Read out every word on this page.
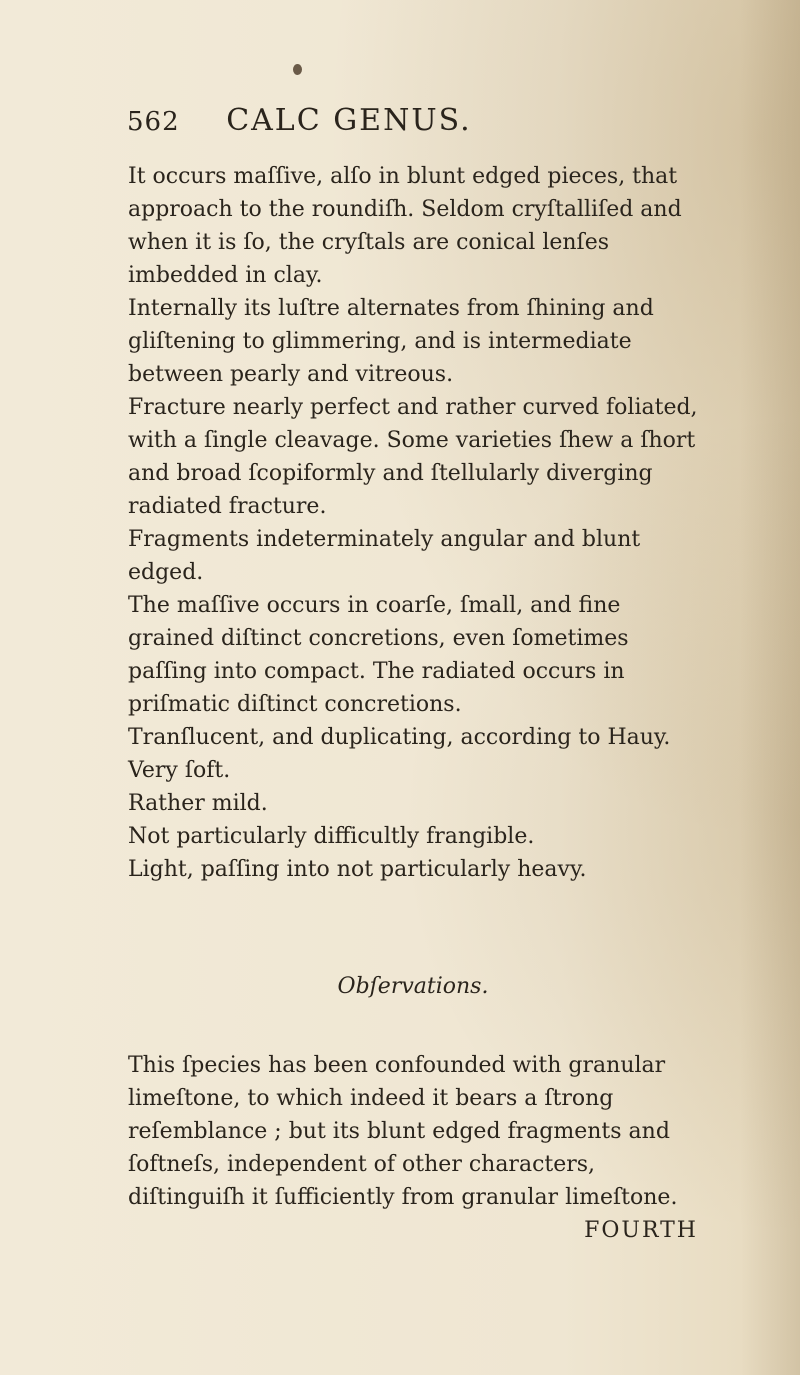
562 CALC GENUS.

It occurs maſſive, alſo in blunt edged pieces, that approach to the roundiſh. Seldom cryſtalliſed and when it is ſo, the cryſtals are conical lenſes imbedded in clay.

Internally its luſtre alternates from ſhining and gliſtening to glimmering, and is intermediate between pearly and vitreous.

Fracture nearly perfect and rather curved foliated, with a ſingle cleavage. Some varieties ſhew a ſhort and broad ſcopiformly and ſtellularly diverging radiated fracture.

Fragments indeterminately angular and blunt edged.

The maſſive occurs in coarſe, ſmall, and fine grained diſtinct concretions, even ſometimes paſſing into compact. The radiated occurs in priſmatic diſtinct concretions.

Tranſlucent, and duplicating, according to Hauy.

Very ſoft.

Rather mild.

Not particularly difficultly frangible.

Light, paſſing into not particularly heavy.

Obſervations.

This ſpecies has been confounded with granular limeſtone, to which indeed it bears a ſtrong reſemblance ; but its blunt edged fragments and ſoftneſs, independent of other characters, diſtinguiſh it ſufficiently from granular limeſtone.

FOURTH
